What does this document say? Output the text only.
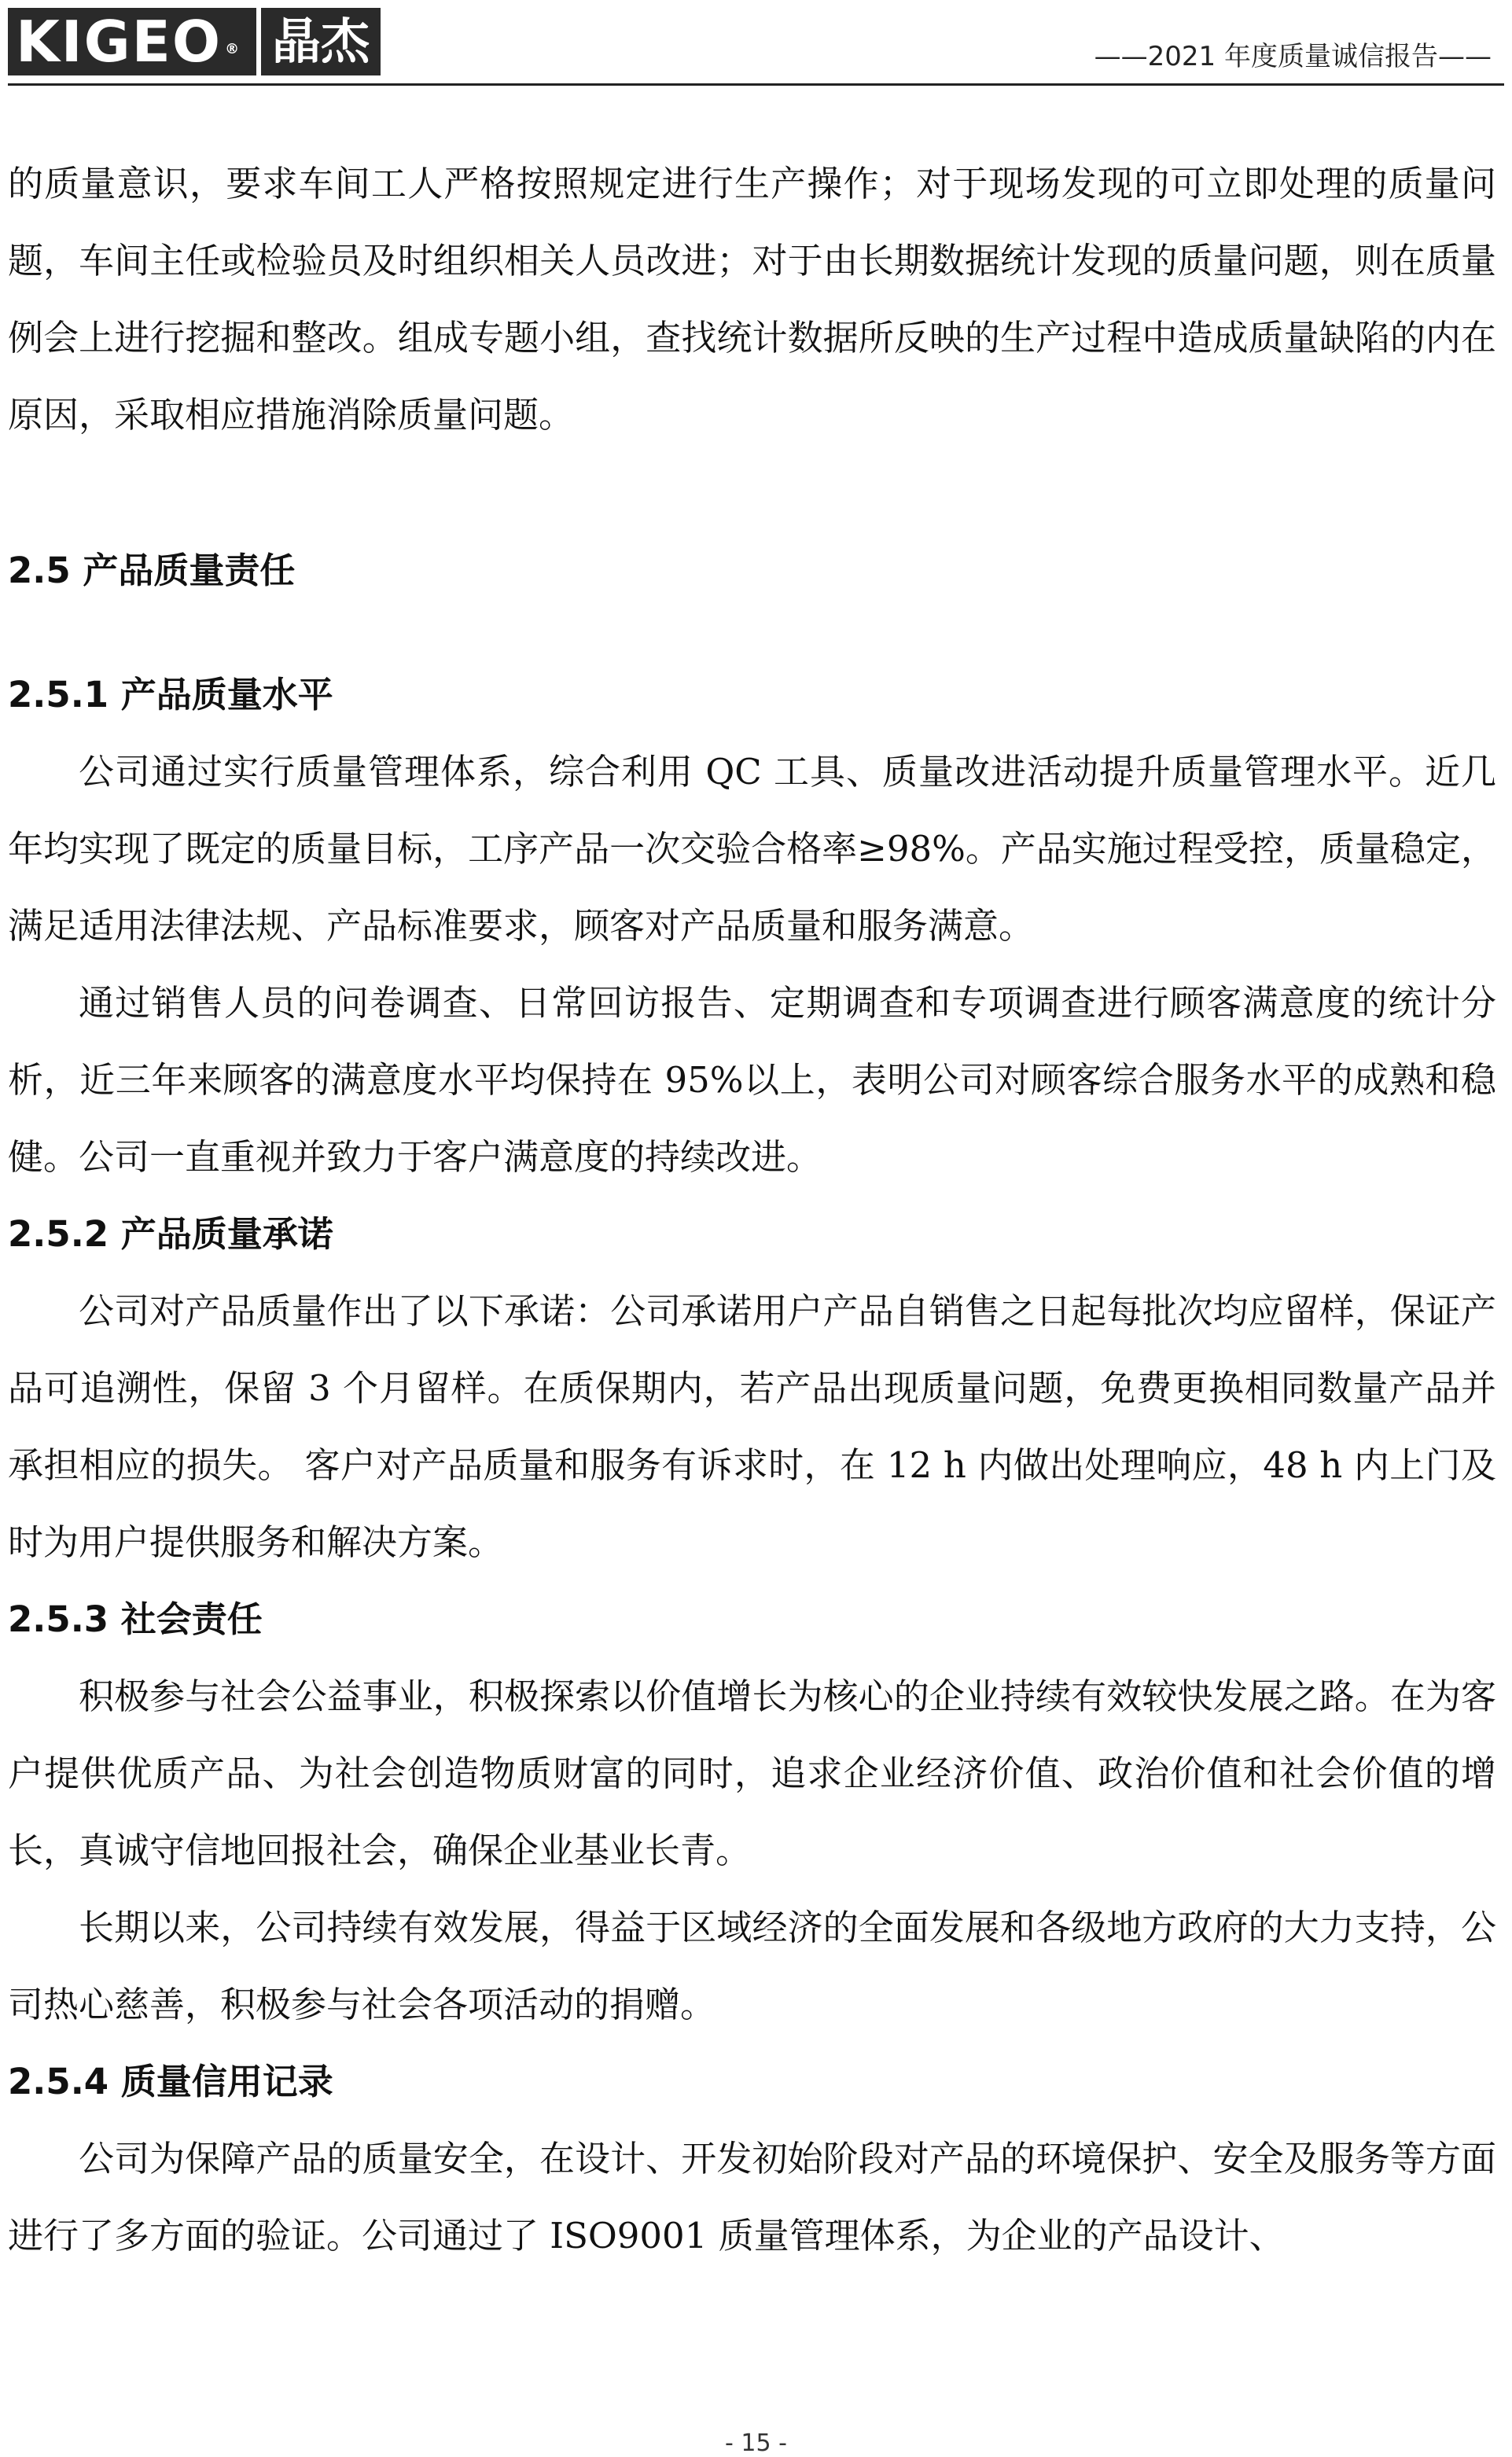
KIGEO ® 晶杰	——2021 年度质量诚信报告——

的质量意识，要求车间工人严格按照规定进行生产操作；对于现场发现的可立即处理的质量问题，车间主任或检验员及时组织相关人员改进；对于由长期数据统计发现的质量问题，则在质量例会上进行挖掘和整改。组成专题小组，查找统计数据所反映的生产过程中造成质量缺陷的内在原因，采取相应措施消除质量问题。

2.5 产品质量责任
2.5.1 产品质量水平

公司通过实行质量管理体系，综合利用 QC 工具、质量改进活动提升质量管理水平。近几年均实现了既定的质量目标，工序产品一次交验合格率≥98%。产品实施过程受控，质量稳定，满足适用法律法规、产品标准要求，顾客对产品质量和服务满意。

通过销售人员的问卷调查、日常回访报告、定期调查和专项调查进行顾客满意度的统计分析，近三年来顾客的满意度水平均保持在 95%以上，表明公司对顾客综合服务水平的成熟和稳健。公司一直重视并致力于客户满意度的持续改进。

2.5.2 产品质量承诺

公司对产品质量作出了以下承诺：公司承诺用户产品自销售之日起每批次均应留样，保证产品可追溯性，保留 3 个月留样。在质保期内，若产品出现质量问题，免费更换相同数量产品并承担相应的损失。 客户对产品质量和服务有诉求时，在 12 h 内做出处理响应，48 h 内上门及时为用户提供服务和解决方案。

2.5.3 社会责任

积极参与社会公益事业，积极探索以价值增长为核心的企业持续有效较快发展之路。在为客户提供优质产品、为社会创造物质财富的同时，追求企业经济价值、政治价值和社会价值的增长，真诚守信地回报社会，确保企业基业长青。

长期以来，公司持续有效发展，得益于区域经济的全面发展和各级地方政府的大力支持，公司热心慈善，积极参与社会各项活动的捐赠。

2.5.4 质量信用记录

公司为保障产品的质量安全，在设计、开发初始阶段对产品的环境保护、安全及服务等方面进行了多方面的验证。公司通过了 ISO9001 质量管理体系，为企业的产品设计、

- 15 -
